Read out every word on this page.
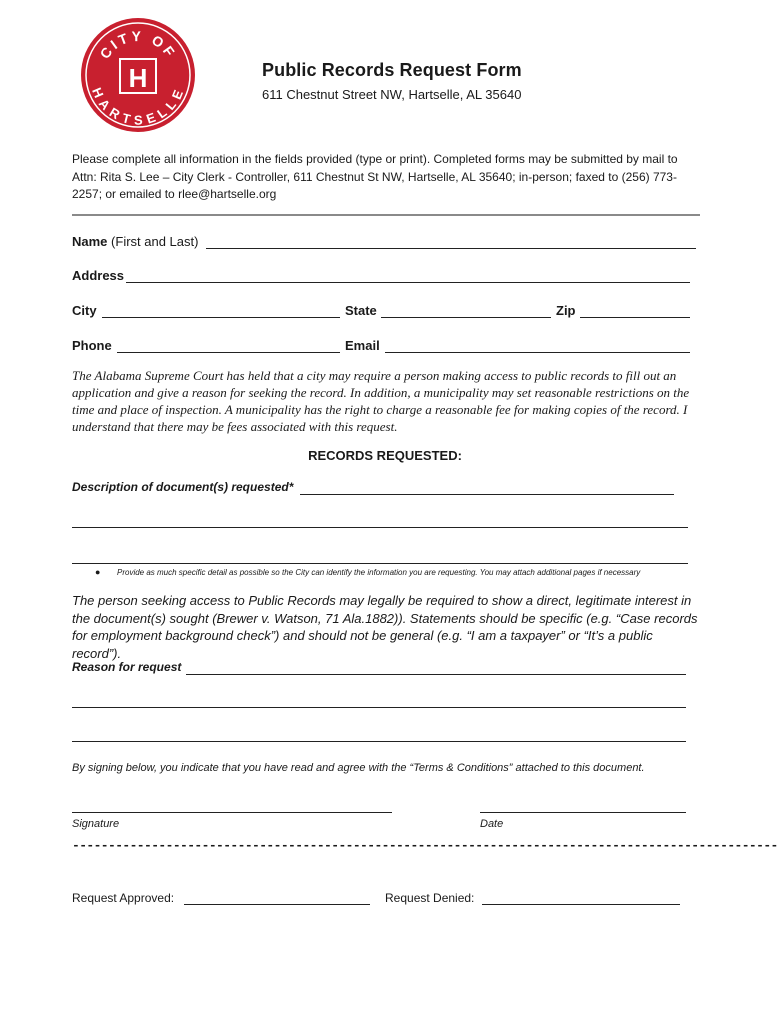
CITY OF
HARTSELLE
H	Public Records Request Form
611 Chestnut Street NW, Hartselle, AL 35640
Please complete all information in the fields provided (type or print). Completed forms may be submitted by mail to Attn: Rita S. Lee – City Clerk - Controller, 611 Chestnut St NW, Hartselle, AL 35640; in-person; faxed to (256) 773-2257; or emailed to rlee@hartselle.org
Name (First and Last)
Address
City	State	Zip
Phone	Email
The Alabama Supreme Court has held that a city may require a person making access to public records to fill out an application and give a reason for seeking the record. In addition, a municipality may set reasonable restrictions on the time and place of inspection. A municipality has the right to charge a reasonable fee for making copies of the record. I understand that there may be fees associated with this request.
RECORDS REQUESTED:
Description of document(s) requested*
● Provide as much specific detail as possible so the City can identify the information you are requesting. You may attach additional pages if necessary
The person seeking access to Public Records may legally be required to show a direct, legitimate interest in the document(s) sought (Brewer v. Watson, 71 Ala.1882)). Statements should be specific (e.g. “Case records for employment background check”) and should not be general (e.g. “I am a taxpayer” or “It’s a public record”).
Reason for request
By signing below, you indicate that you have read and agree with the “Terms & Conditions” attached to this document.
Signature	Date
--------------------------------------------------------------------------------------------------
Request Approved:	Request Denied:
